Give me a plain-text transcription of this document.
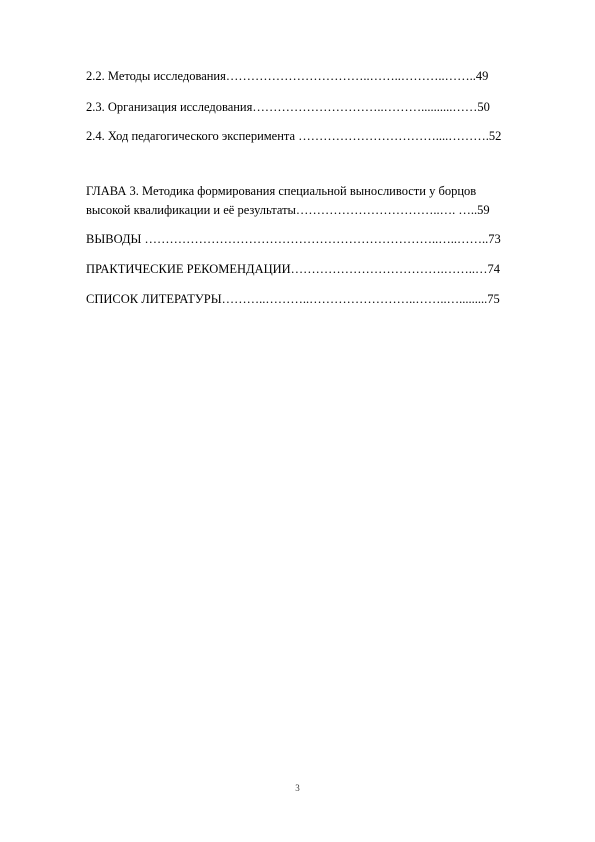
2.2. Методы исследования……………………………..……..………..……..49
2.3. Организация исследования…………………………..………..........……50
2.4. Ход педагогического эксперимента ……………………………....……….52
ГЛАВА 3. Методика формирования специальной выносливости у борцов
высокой квалификации и её результаты……………………………..…. …..59
ВЫВОДЫ ……………………………………………………………..…..……..73
ПРАКТИЧЕСКИЕ РЕКОМЕНДАЦИИ……………………………….……..…74
СПИСОК ЛИТЕРАТУРЫ………..………..……………………..……..….........75
3
